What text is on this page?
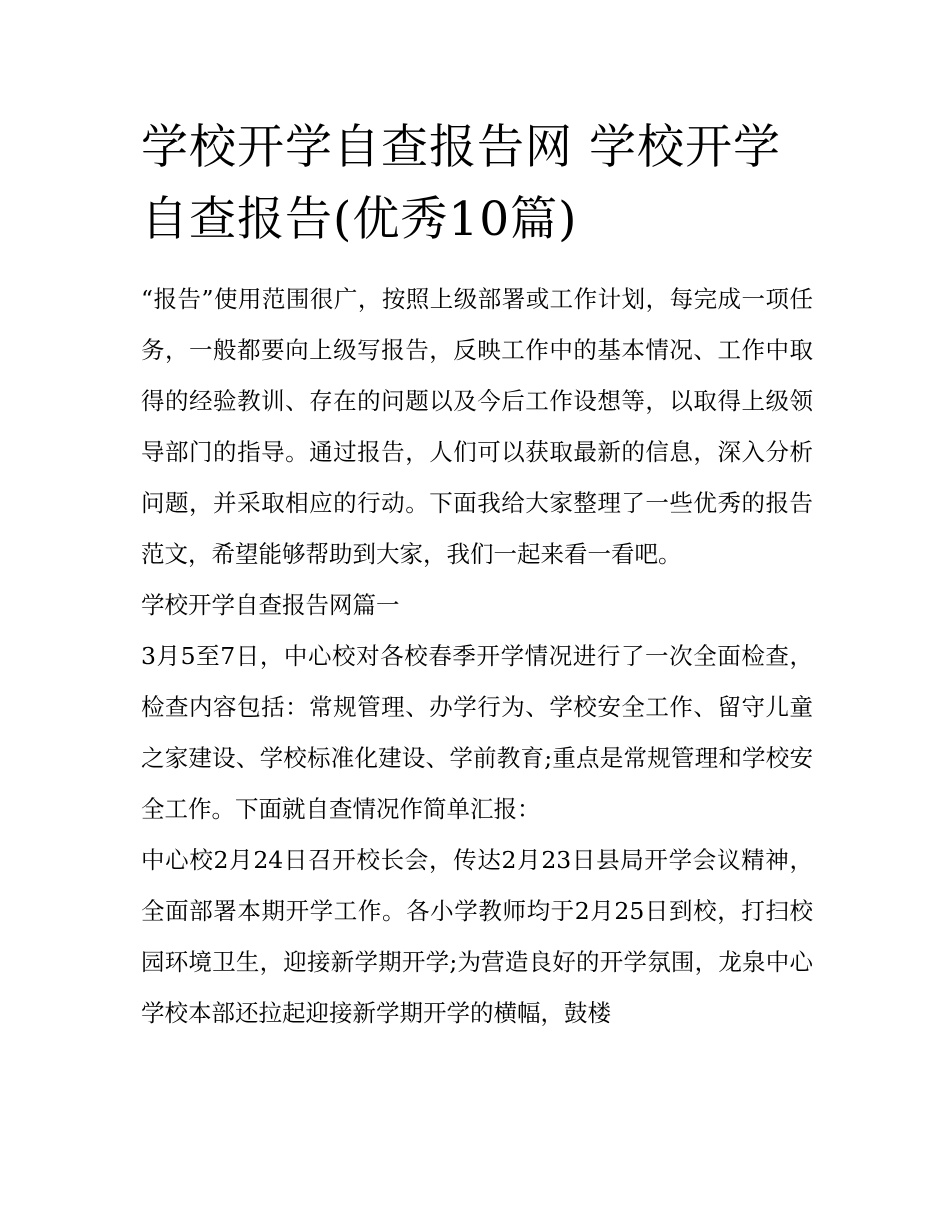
学校开学自查报告网 学校开学自查报告(优秀10篇)

“报告”使用范围很广，按照上级部署或工作计划，每完成一项任务，一般都要向上级写报告，反映工作中的基本情况、工作中取得的经验教训、存在的问题以及今后工作设想等，以取得上级领导部门的指导。通过报告，人们可以获取最新的信息，深入分析问题，并采取相应的行动。下面我给大家整理了一些优秀的报告范文，希望能够帮助到大家，我们一起来看一看吧。

学校开学自查报告网篇一

3月5至7日，中心校对各校春季开学情况进行了一次全面检查，检查内容包括：常规管理、办学行为、学校安全工作、留守儿童之家建设、学校标准化建设、学前教育;重点是常规管理和学校安全工作。下面就自查情况作简单汇报：

中心校2月24日召开校长会，传达2月23日县局开学会议精神，全面部署本期开学工作。各小学教师均于2月25日到校，打扫校园环境卫生，迎接新学期开学;为营造良好的开学氛围，龙泉中心学校本部还拉起迎接新学期开学的横幅，鼓楼
